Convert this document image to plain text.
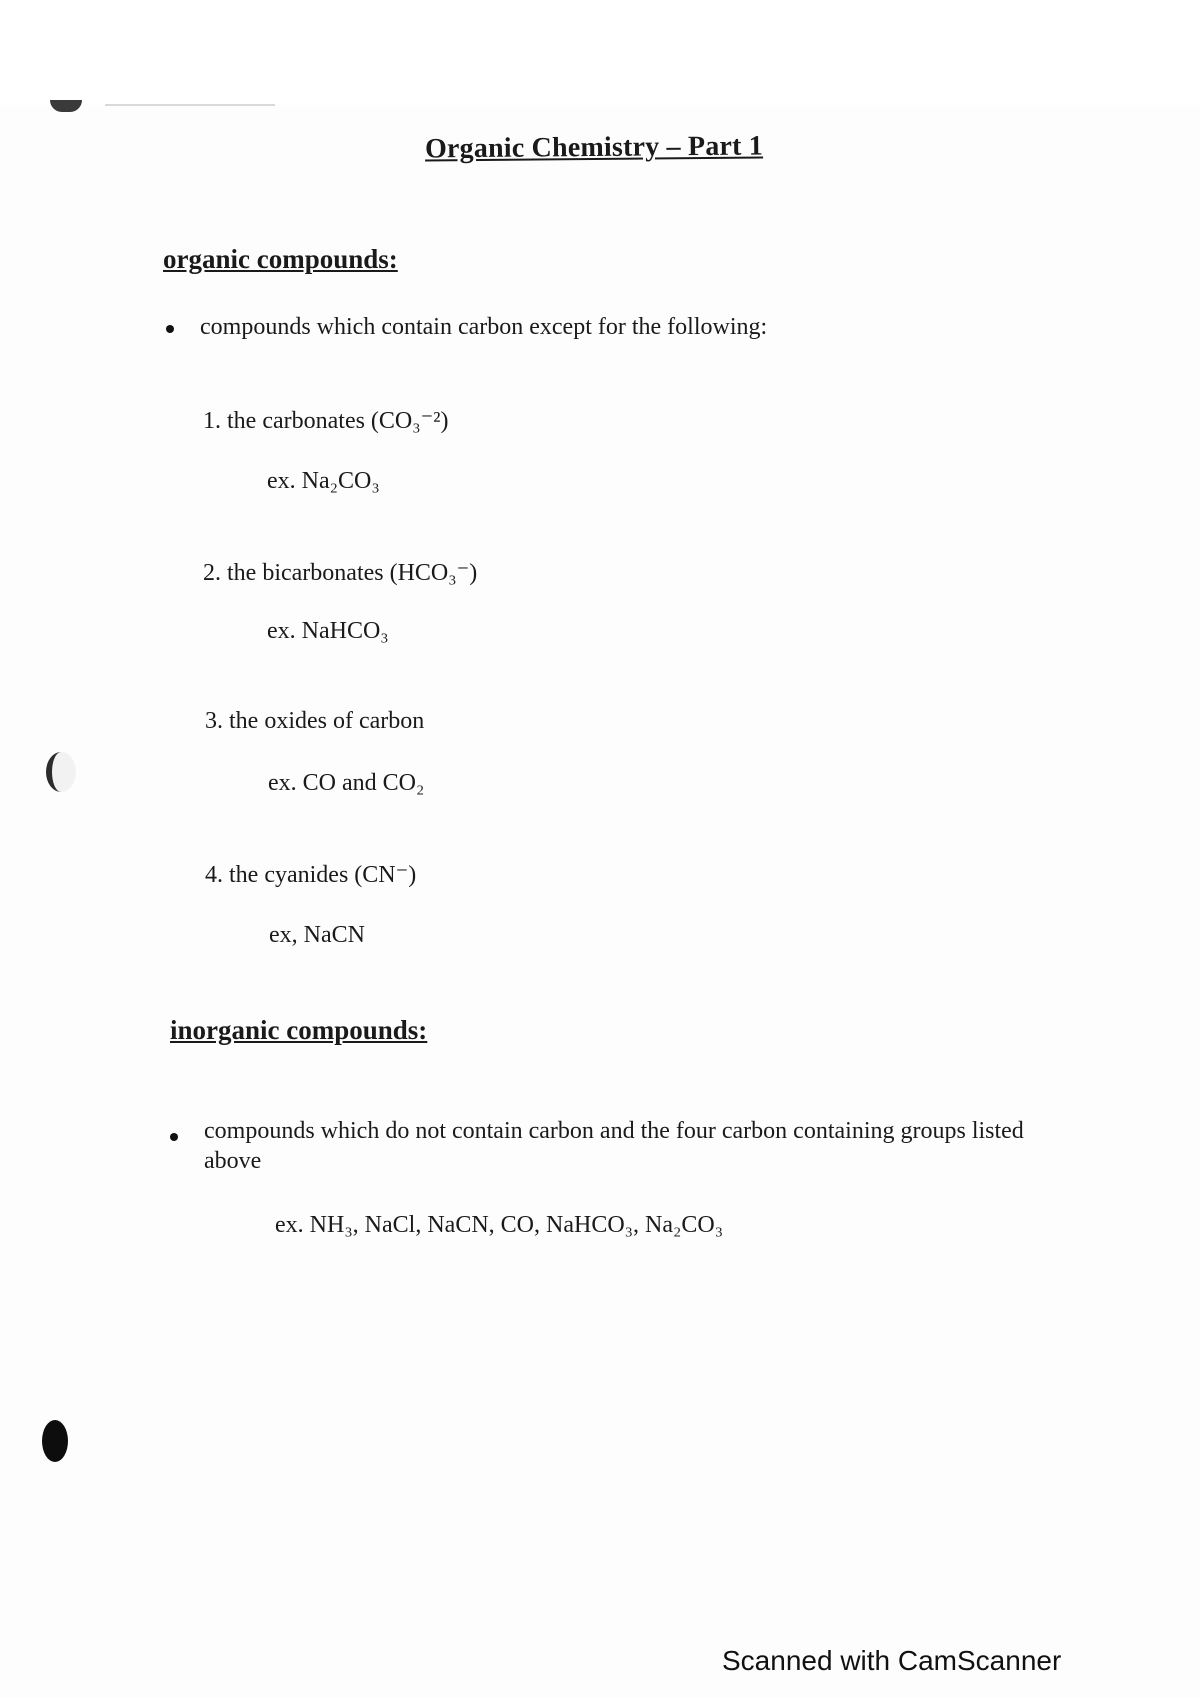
Organic Chemistry – Part 1
organic compounds:
compounds which contain carbon except for the following:
1. the carbonates (CO₃⁻²)
ex. Na₂CO₃
2. the bicarbonates (HCO₃⁻)
ex. NaHCO₃
3. the oxides of carbon
ex. CO and CO₂
4. the cyanides (CN⁻)
ex, NaCN
inorganic compounds:
compounds which do not contain carbon and the four carbon containing groups listed above
ex. NH₃, NaCl, NaCN, CO, NaHCO₃, Na₂CO₃
Scanned with CamScanner
